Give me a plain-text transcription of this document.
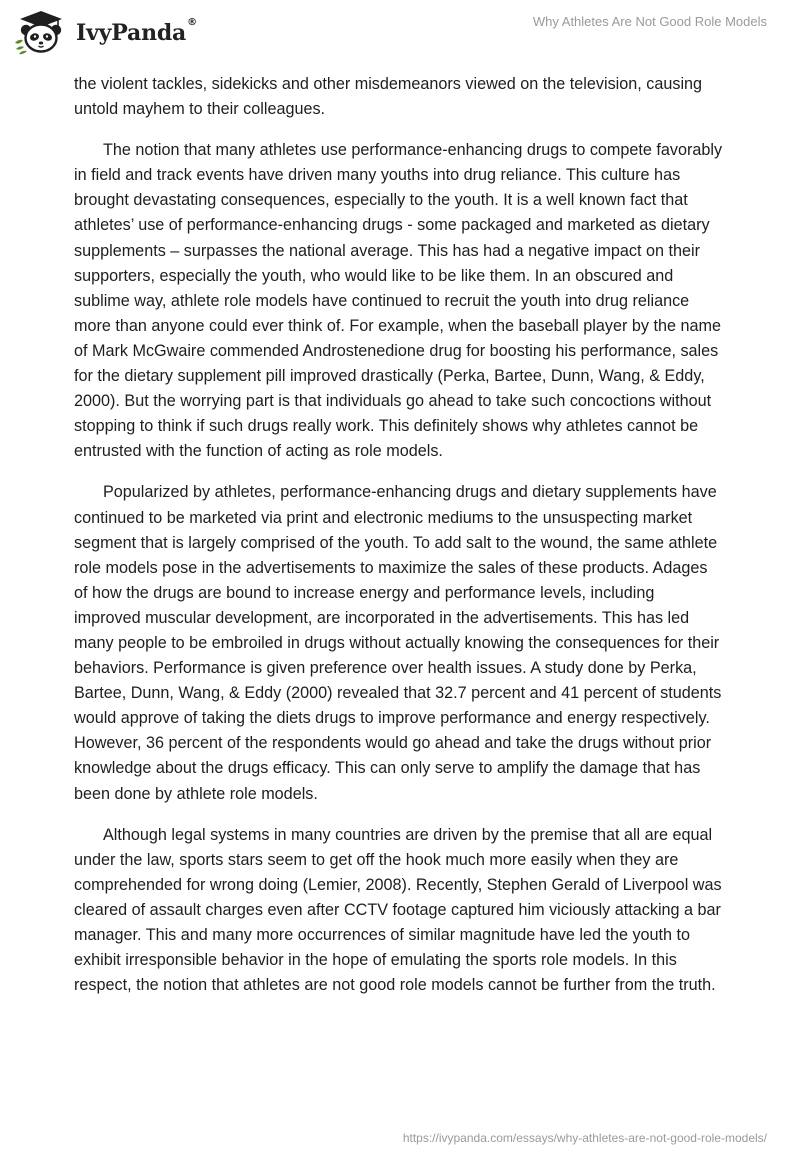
IvyPanda®	Why Athletes Are Not Good Role Models

the violent tackles, sidekicks and other misdemeanors viewed on the television, causing untold mayhem to their colleagues.

The notion that many athletes use performance-enhancing drugs to compete favorably in field and track events have driven many youths into drug reliance. This culture has brought devastating consequences, especially to the youth. It is a well known fact that athletes’ use of performance-enhancing drugs - some packaged and marketed as dietary supplements – surpasses the national average. This has had a negative impact on their supporters, especially the youth, who would like to be like them. In an obscured and sublime way, athlete role models have continued to recruit the youth into drug reliance more than anyone could ever think of. For example, when the baseball player by the name of Mark McGwaire commended Androstenedione drug for boosting his performance, sales for the dietary supplement pill improved drastically (Perka, Bartee, Dunn, Wang, & Eddy, 2000). But the worrying part is that individuals go ahead to take such concoctions without stopping to think if such drugs really work. This definitely shows why athletes cannot be entrusted with the function of acting as role models.

Popularized by athletes, performance-enhancing drugs and dietary supplements have continued to be marketed via print and electronic mediums to the unsuspecting market segment that is largely comprised of the youth. To add salt to the wound, the same athlete role models pose in the advertisements to maximize the sales of these products. Adages of how the drugs are bound to increase energy and performance levels, including improved muscular development, are incorporated in the advertisements. This has led many people to be embroiled in drugs without actually knowing the consequences for their behaviors. Performance is given preference over health issues. A study done by Perka, Bartee, Dunn, Wang, & Eddy (2000) revealed that 32.7 percent and 41 percent of students would approve of taking the diets drugs to improve performance and energy respectively. However, 36 percent of the respondents would go ahead and take the drugs without prior knowledge about the drugs efficacy. This can only serve to amplify the damage that has been done by athlete role models.

Although legal systems in many countries are driven by the premise that all are equal under the law, sports stars seem to get off the hook much more easily when they are comprehended for wrong doing (Lemier, 2008). Recently, Stephen Gerald of Liverpool was cleared of assault charges even after CCTV footage captured him viciously attacking a bar manager. This and many more occurrences of similar magnitude have led the youth to exhibit irresponsible behavior in the hope of emulating the sports role models. In this respect, the notion that athletes are not good role models cannot be further from the truth.

https://ivypanda.com/essays/why-athletes-are-not-good-role-models/
